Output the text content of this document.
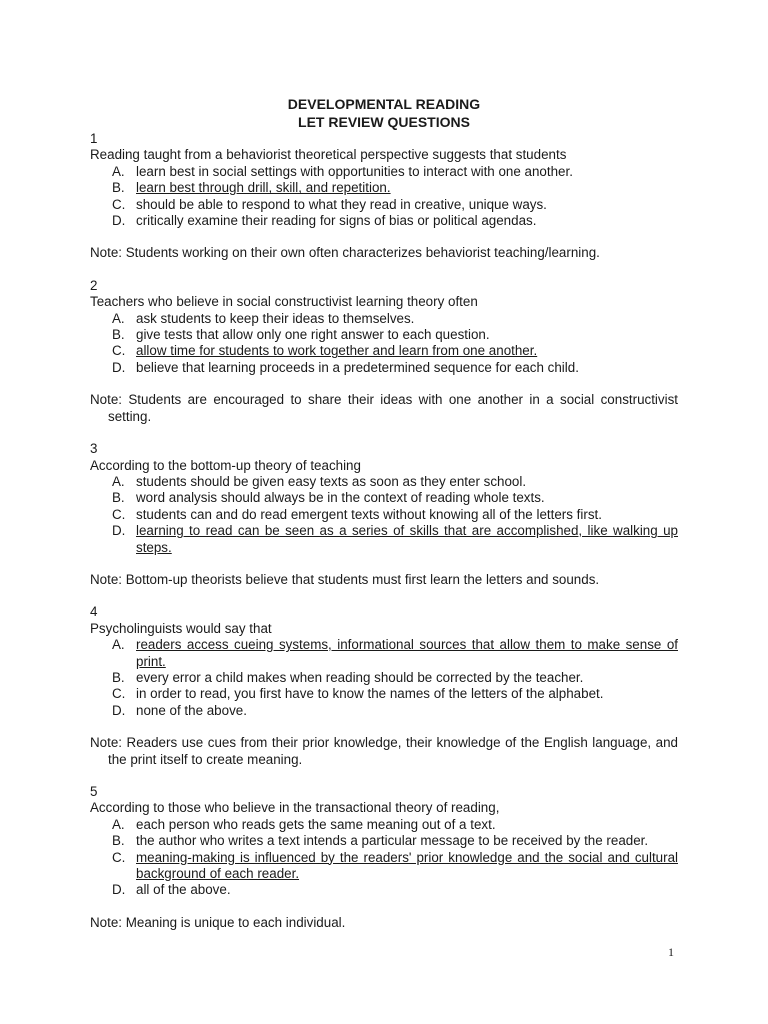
DEVELOPMENTAL READING

LET REVIEW QUESTIONS

1

Reading taught from a behaviorist theoretical perspective suggests that students

A. learn best in social settings with opportunities to interact with one another.
B. learn best through drill, skill, and repetition.
C. should be able to respond to what they read in creative, unique ways.
D. critically examine their reading for signs of bias or political agendas.

Note: Students working on their own often characterizes behaviorist teaching/learning.

2

Teachers who believe in social constructivist learning theory often

A. ask students to keep their ideas to themselves.
B. give tests that allow only one right answer to each question.
C. allow time for students to work together and learn from one another.
D. believe that learning proceeds in a predetermined sequence for each child.

Note: Students are encouraged to share their ideas with one another in a social constructivist setting.

3

According to the bottom-up theory of teaching

A. students should be given easy texts as soon as they enter school.
B. word analysis should always be in the context of reading whole texts.
C. students can and do read emergent texts without knowing all of the letters first.
D. learning to read can be seen as a series of skills that are accomplished, like walking up steps.

Note: Bottom-up theorists believe that students must first learn the letters and sounds.

4

Psycholinguists would say that

A. readers access cueing systems, informational sources that allow them to make sense of print.
B. every error a child makes when reading should be corrected by the teacher.
C. in order to read, you first have to know the names of the letters of the alphabet.
D. none of the above.

Note: Readers use cues from their prior knowledge, their knowledge of the English language, and the print itself to create meaning.

5

According to those who believe in the transactional theory of reading,

A. each person who reads gets the same meaning out of a text.
B. the author who writes a text intends a particular message to be received by the reader.
C. meaning-making is influenced by the readers' prior knowledge and the social and cultural background of each reader.
D. all of the above.

Note: Meaning is unique to each individual.

1
